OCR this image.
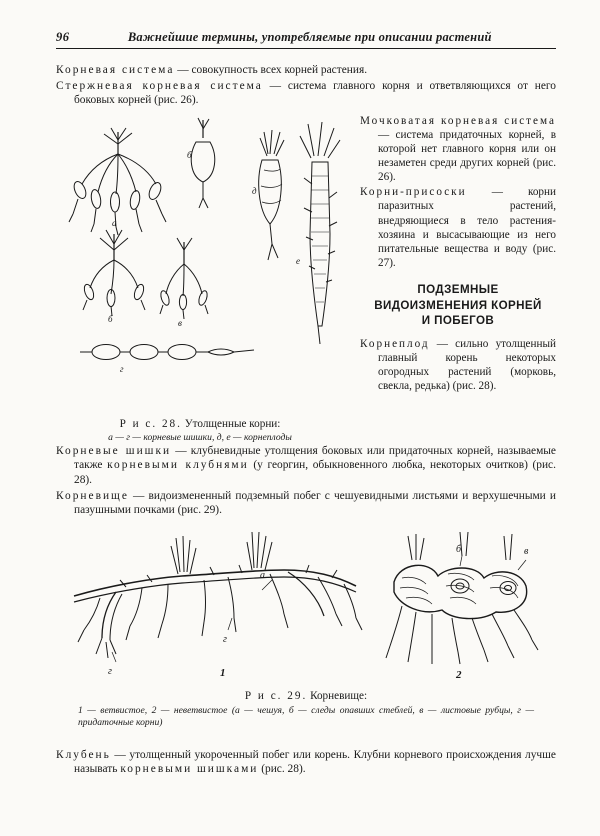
96	Важнейшие термины, употребляемые при описании растений
Корневая система — совокупность всех корней растения.
Стержневая корневая система — система главного корня и ответвляющихся от него боковых корней (рис. 26).
а
б
б	в
г
д
е
Р и с. 28. Утолщенные корни:
а — г — корневые шишки, д, е — корнеплоды
Мочковатая корневая система — система придаточных корней, в которой нет главного корня или он незаметен среди других корней (рис. 26).
Корни-присоски — корни паразитных растений, внедряющиеся в тело растения-хозяина и высасывающие из него питательные вещества и воду (рис. 27).
ПОДЗЕМНЫЕ
ВИДОИЗМЕНЕНИЯ КОРНЕЙ
И ПОБЕГОВ
Корнеплод — сильно утолщенный главный корень некоторых огородных растений (морковь, свекла, редька) (рис. 28).
Корневые шишки — клубневидные утолщения боковых или придаточных корней, называемые также корневыми клубнями (у георгин, обыкновенного любка, некоторых очитков) (рис. 28).
Корневище — видоизмененный подземный побег с чешуевидными листьями и верхушечными и пазушными почками (рис. 29).
а
г
г	1
б	в
2
Р и с. 29. Корневище:
1 — ветвистое, 2 — неветвистое (а — чешуя, б — следы опавших стеблей, в — листовые рубцы, г — придаточные корни)
Клубень — утолщенный укороченный побег или корень. Клубни корневого происхождения лучше называть корневыми шишками (рис. 28).
